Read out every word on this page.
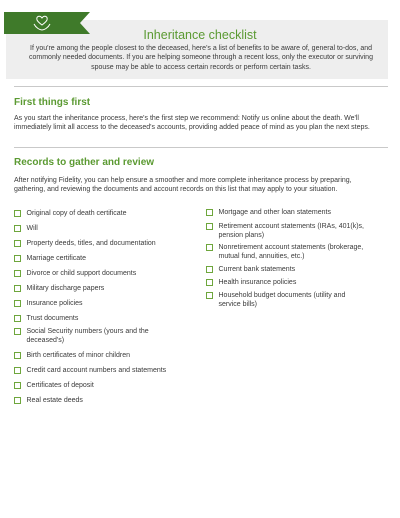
Inheritance checklist
If you're among the people closest to the deceased, here's a list of benefits to be aware of, general to-dos, and commonly needed documents. If you are helping someone through a recent loss, only the executor or surviving spouse may be able to access certain records or perform certain tasks.
First things first
As you start the inheritance process, here's the first step we recommend: Notify us online about the death. We'll immediately limit all access to the deceased's accounts, providing added peace of mind as you plan the next steps.
Records to gather and review
After notifying Fidelity, you can help ensure a smoother and more complete inheritance process by preparing, gathering, and reviewing the documents and account records on this list that may apply to your situation.
Original copy of death certificate
Will
Property deeds, titles, and documentation
Marriage certificate
Divorce or child support documents
Military discharge papers
Insurance policies
Trust documents
Social Security numbers (yours and the deceased's)
Birth certificates of minor children
Credit card account numbers and statements
Certificates of deposit
Real estate deeds
Mortgage and other loan statements
Retirement account statements (IRAs, 401(k)s, pension plans)
Nonretirement account statements (brokerage, mutual fund, annuities, etc.)
Current bank statements
Health insurance policies
Household budget documents (utility and service bills)
